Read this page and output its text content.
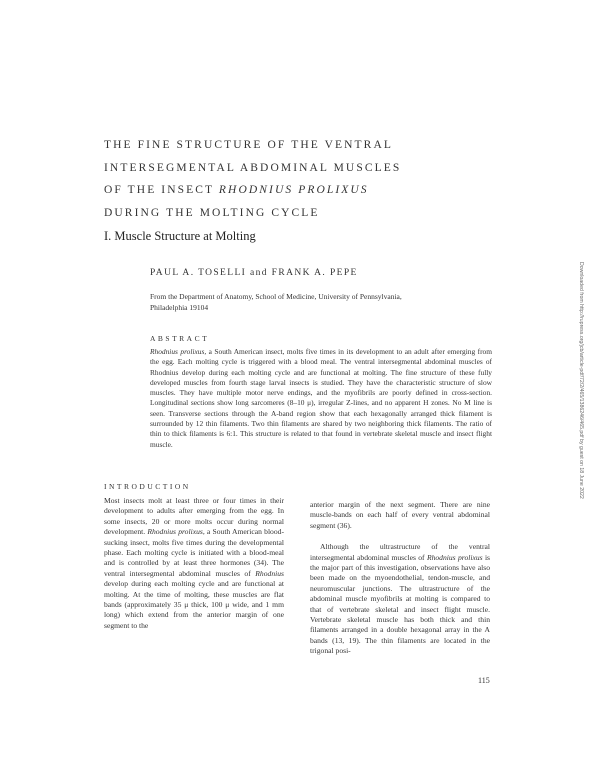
THE FINE STRUCTURE OF THE VENTRAL
INTERSEGMENTAL ABDOMINAL MUSCLES
OF THE INSECT RHODNIUS PROLIXUS
DURING THE MOLTING CYCLE
I. Muscle Structure at Molting
PAUL A. TOSELLI and FRANK A. PEPE
From the Department of Anatomy, School of Medicine, University of Pennsylvania, Philadelphia 19104
ABSTRACT
Rhodnius prolixus, a South American insect, molts five times in its development to an adult after emerging from the egg. Each molting cycle is triggered with a blood meal. The ventral intersegmental abdominal muscles of Rhodnius develop during each molting cycle and are functional at molting. The fine structure of these fully developed muscles from fourth stage larval insects is studied. They have the characteristic structure of slow muscles. They have multiple motor nerve endings, and the myofibrils are poorly defined in cross-section. Longitudinal sections show long sarcomeres (8–10 μ), irregular Z-lines, and no apparent H zones. No M line is seen. Transverse sections through the A-band region show that each hexagonally arranged thick filament is surrounded by 12 thin filaments. Two thin filaments are shared by two neighboring thick filaments. The ratio of thin to thick filaments is 6:1. This structure is related to that found in vertebrate skeletal muscle and insect flight muscle.
INTRODUCTION

Most insects molt at least three or four times in their development to adults after emerging from the egg. In some insects, 20 or more molts occur during normal development. Rhodnius prolixus, a South American blood-sucking insect, molts five times during the developmental phase. Each molting cycle is initiated with a blood-meal and is controlled by at least three hormones (34). The ventral intersegmental abdominal muscles of Rhodnius develop during each molting cycle and are functional at molting. At the time of molting, these muscles are flat bands (approximately 35 μ thick, 100 μ wide, and 1 mm long) which extend from the anterior margin of one segment to the

anterior margin of the next segment. There are nine muscle-bands on each half of every ventral abdominal segment (36).

Although the ultrastructure of the ventral intersegmental abdominal muscles of Rhodnius prolixus is the major part of this investigation, observations have also been made on the myoendothelial, tendon-muscle, and neuromuscular junctions. The ultrastructure of the abdominal muscle myofibrils at molting is compared to that of vertebrate skeletal and insect flight muscle. Vertebrate skeletal muscle has both thick and thin filaments arranged in a double hexagonal array in the A bands (13, 19). The thin filaments are located in the trigonal posi-

115
Downloaded from http://rupress.org/jcb/article-pdf/72/2/465/1386246/465.pdf by guest on 18 June 2022
